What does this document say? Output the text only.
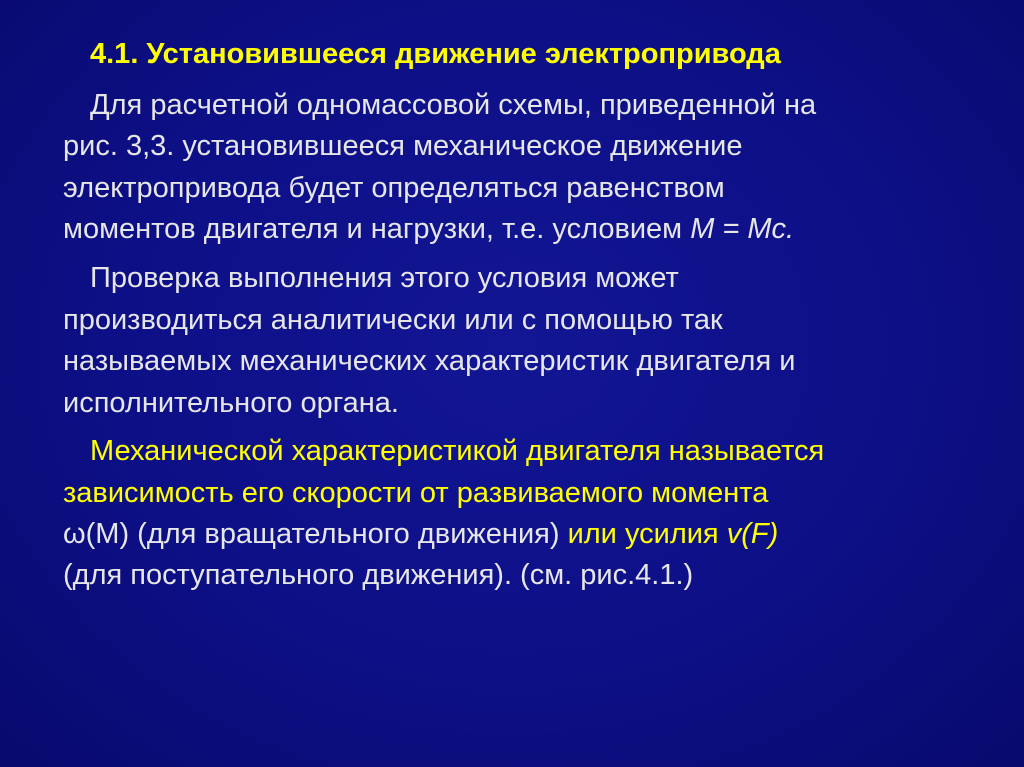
4.1. Установившееся движение электропривода

Для расчетной одномассовой схемы, приведенной на

рис. 3,3. установившееся механическое движение

электропривода будет определяться равенством

моментов двигателя и нагрузки, т.е. условием М = Мс.

Проверка выполнения этого условия может

производиться аналитически или с помощью так

называемых механических характеристик двигателя и

исполнительного органа.

Механической характеристикой двигателя называется

зависимость его скорости от развиваемого момента

ω(М) (для вращательного движения) или усилия v(F)

(для поступательного движения). (см. рис.4.1.)
